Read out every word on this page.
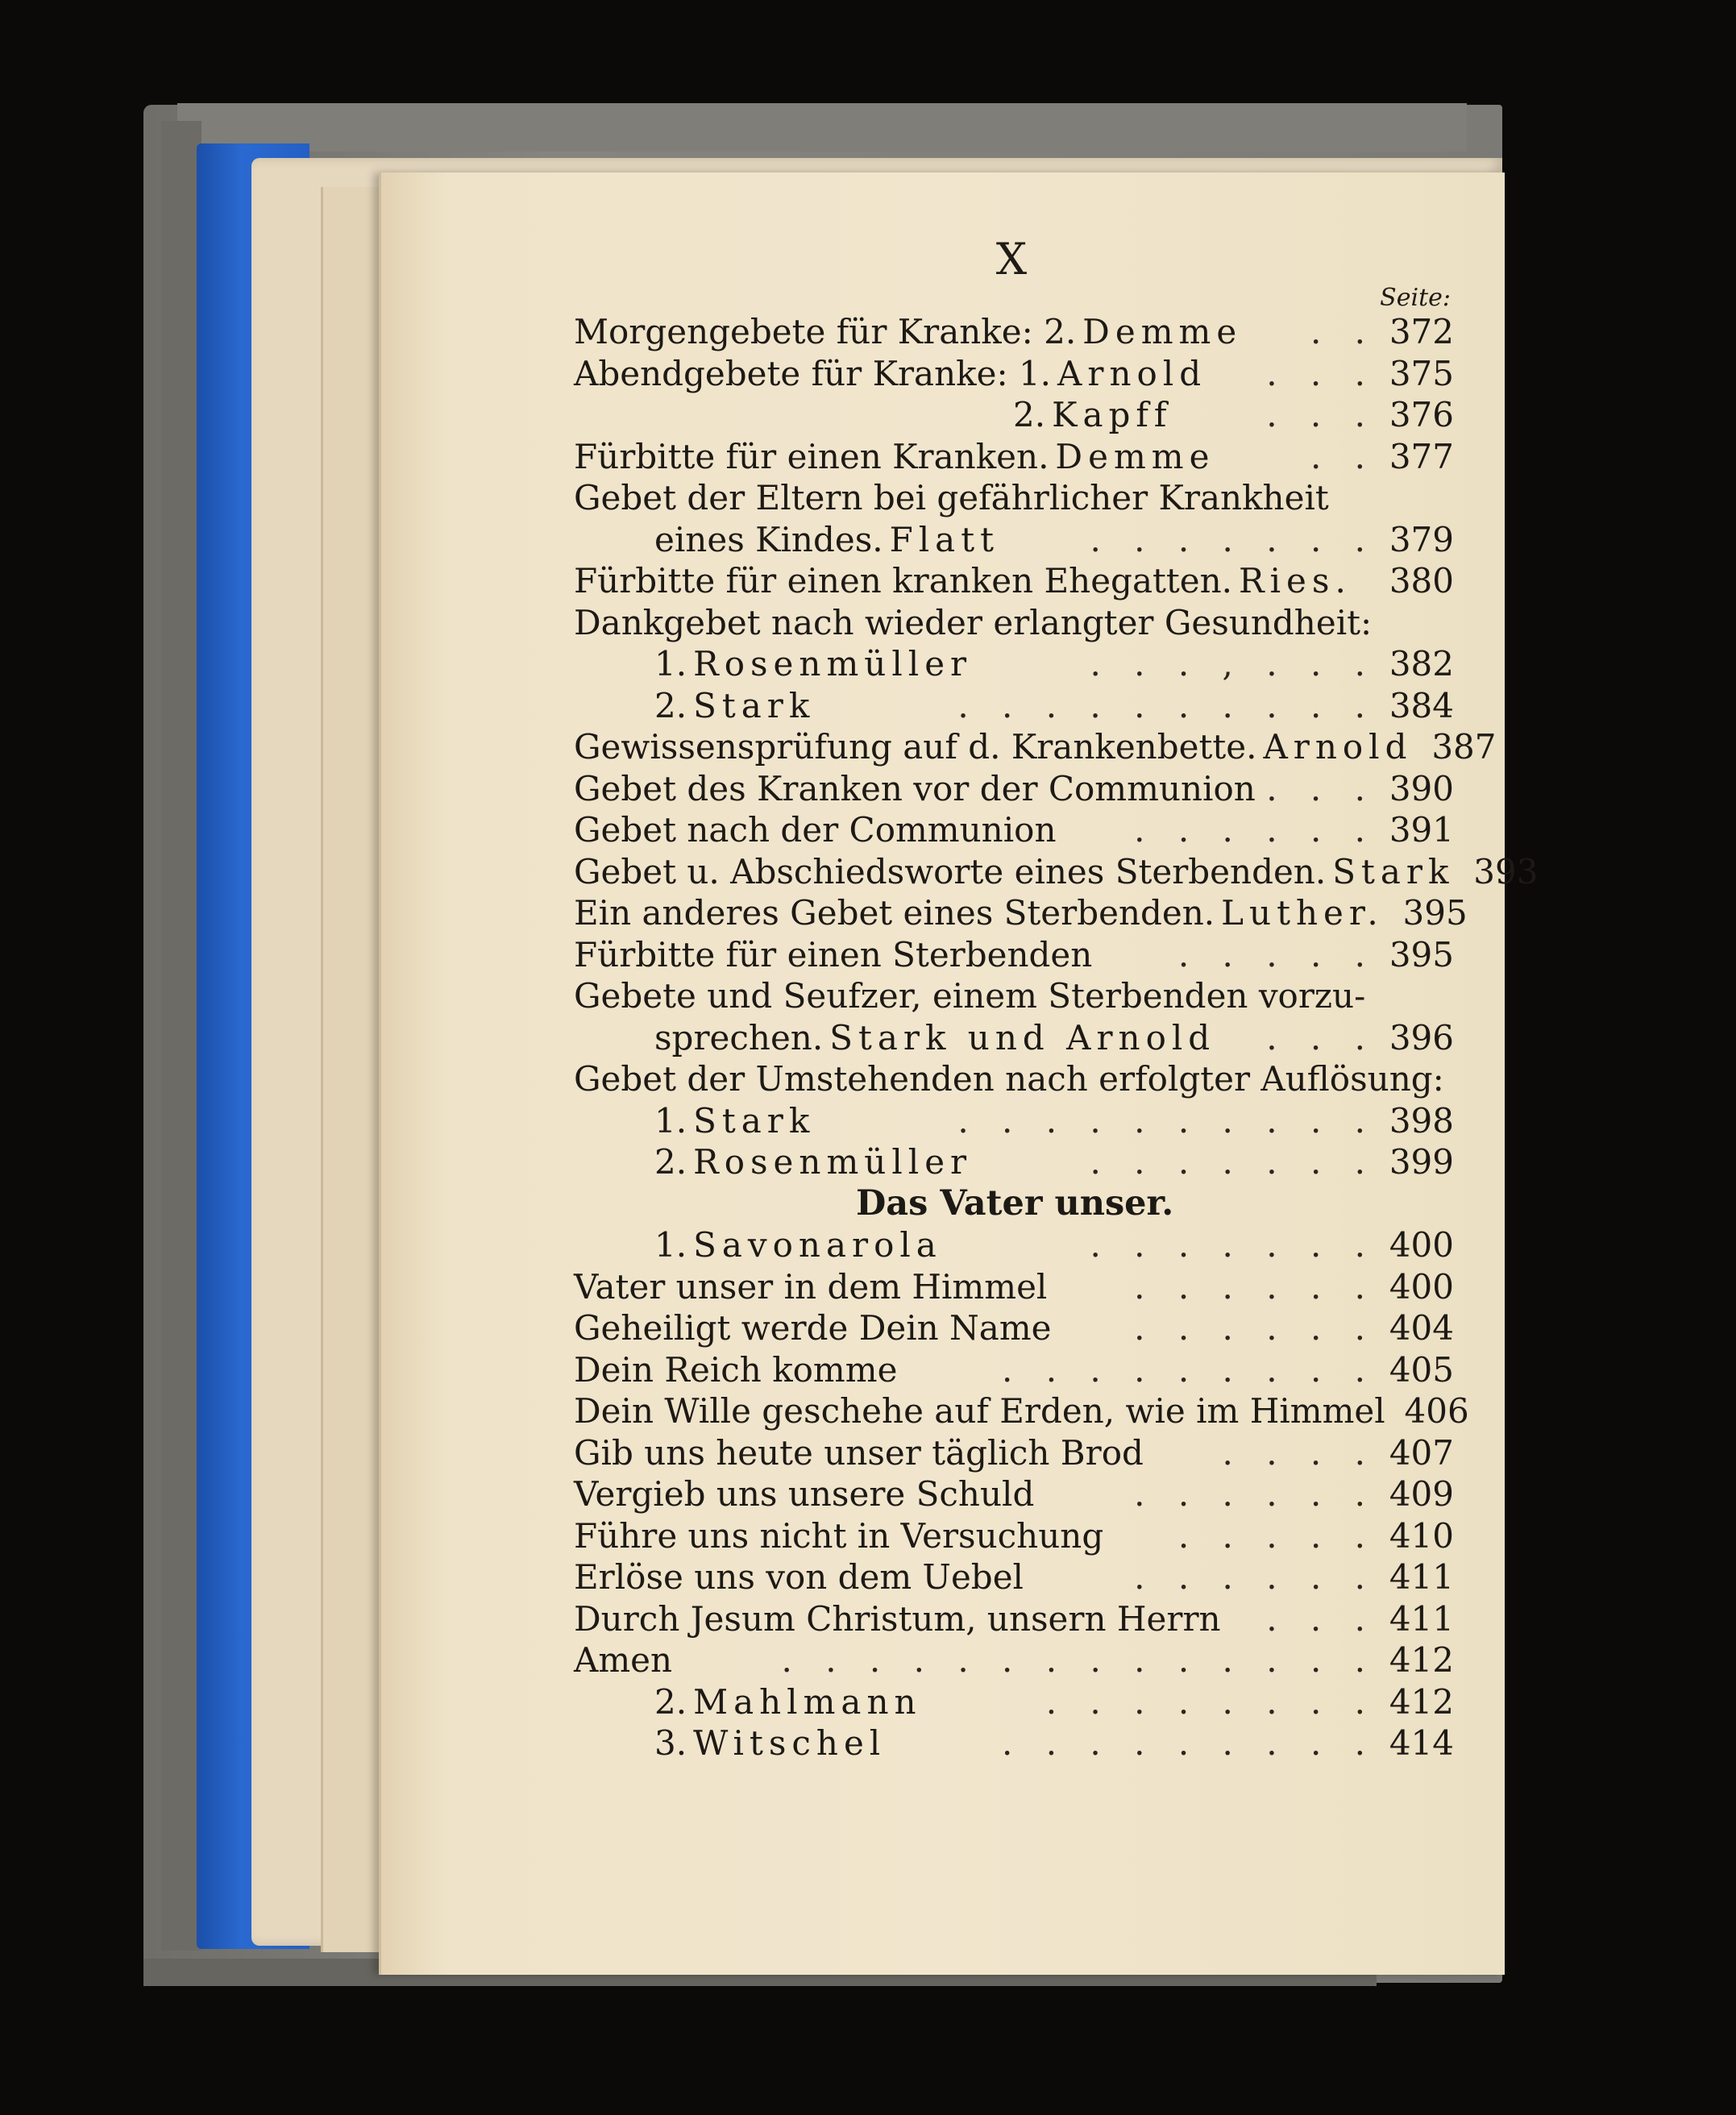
X
Seite:
Morgengebete für Kranke: 2. Demme	. . 372
Abendgebete für Kranke: 1. Arnold	. . . 375
2. Kapff	. . . 376
Fürbitte für einen Kranken. Demme	. . 377
Gebet der Eltern bei gefährlicher Krankheit
eines Kindes. Flatt	. . . . . . . 379
Fürbitte für einen kranken Ehegatten. Ries. 380
Dankgebet nach wieder erlangter Gesundheit:
1. Rosenmüller	. . . , . . . 382
2. Stark	. . . . . . . . . . 384
Gewissensprüfung auf d. Krankenbette. Arnold 387
Gebet des Kranken vor der Communion . . . 390
Gebet nach der Communion	. . . . . . 391
Gebet u. Abschiedsworte eines Sterbenden. Stark 393
Ein anderes Gebet eines Sterbenden. Luther. 395
Fürbitte für einen Sterbenden	. . . . . 395
Gebete und Seufzer, einem Sterbenden vorzu-
sprechen. Stark und Arnold	. . . 396
Gebet der Umstehenden nach erfolgter Auflösung:
1. Stark	. . . . . . . . . . 398
2. Rosenmüller	. . . . . . . 399
Das Vater unser.
1. Savonarola	. . . . . . . 400
Vater unser in dem Himmel	. . . . . . 400
Geheiligt werde Dein Name	. . . . . . 404
Dein Reich komme	. . . . . . . . . 405
Dein Wille geschehe auf Erden, wie im Himmel 406
Gib uns heute unser täglich Brod	. . . . 407
Vergieb uns unsere Schuld	. . . . . . 409
Führe uns nicht in Versuchung	. . . . . 410
Erlöse uns von dem Uebel	. . . . . . 411
Durch Jesum Christum, unsern Herrn	. . . 411
Amen	. . . . . . . . . . . . . . 412
2. Mahlmann	. . . . . . . . 412
3. Witschel	. . . . . . . . . 414
